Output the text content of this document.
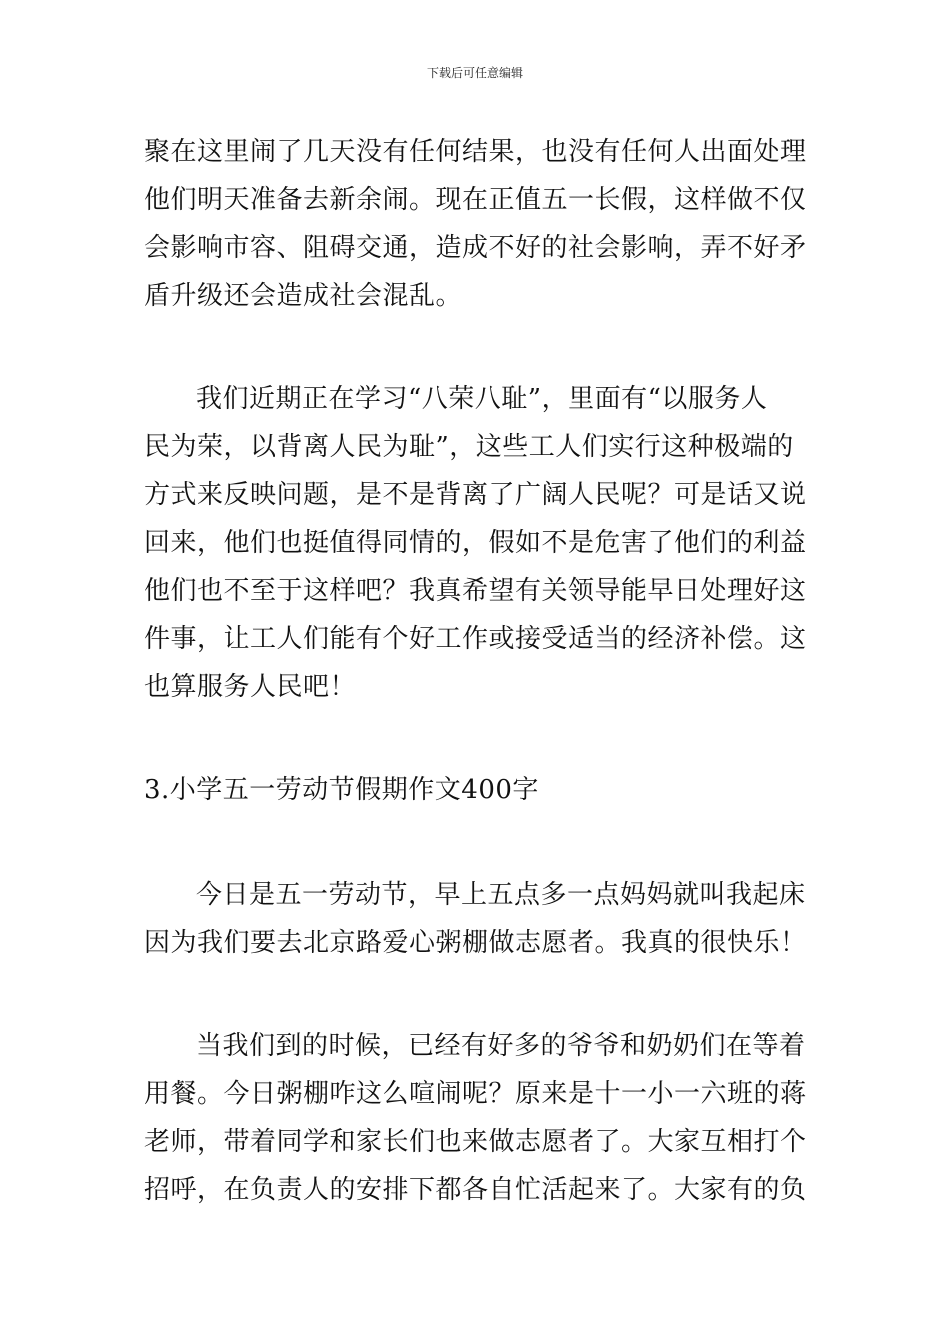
下载后可任意编辑
聚在这里闹了几天没有任何结果，也没有任何人出面处理
他们明天准备去新余闹。现在正值五一长假，这样做不仅
会影响市容、阻碍交通，造成不好的社会影响，弄不好矛
盾升级还会造成社会混乱。
我们近期正在学习“八荣八耻”，里面有“以服务人
民为荣，以背离人民为耻”，这些工人们实行这种极端的
方式来反映问题，是不是背离了广阔人民呢？可是话又说
回来，他们也挺值得同情的，假如不是危害了他们的利益
他们也不至于这样吧？我真希望有关领导能早日处理好这
件事，让工人们能有个好工作或接受适当的经济补偿。这
也算服务人民吧！
3.小学五一劳动节假期作文400字
今日是五一劳动节，早上五点多一点妈妈就叫我起床
因为我们要去北京路爱心粥棚做志愿者。我真的很快乐！
当我们到的时候，已经有好多的爷爷和奶奶们在等着
用餐。今日粥棚咋这么喧闹呢？原来是十一小一六班的蒋
老师，带着同学和家长们也来做志愿者了。大家互相打个
招呼，在负责人的安排下都各自忙活起来了。大家有的负
